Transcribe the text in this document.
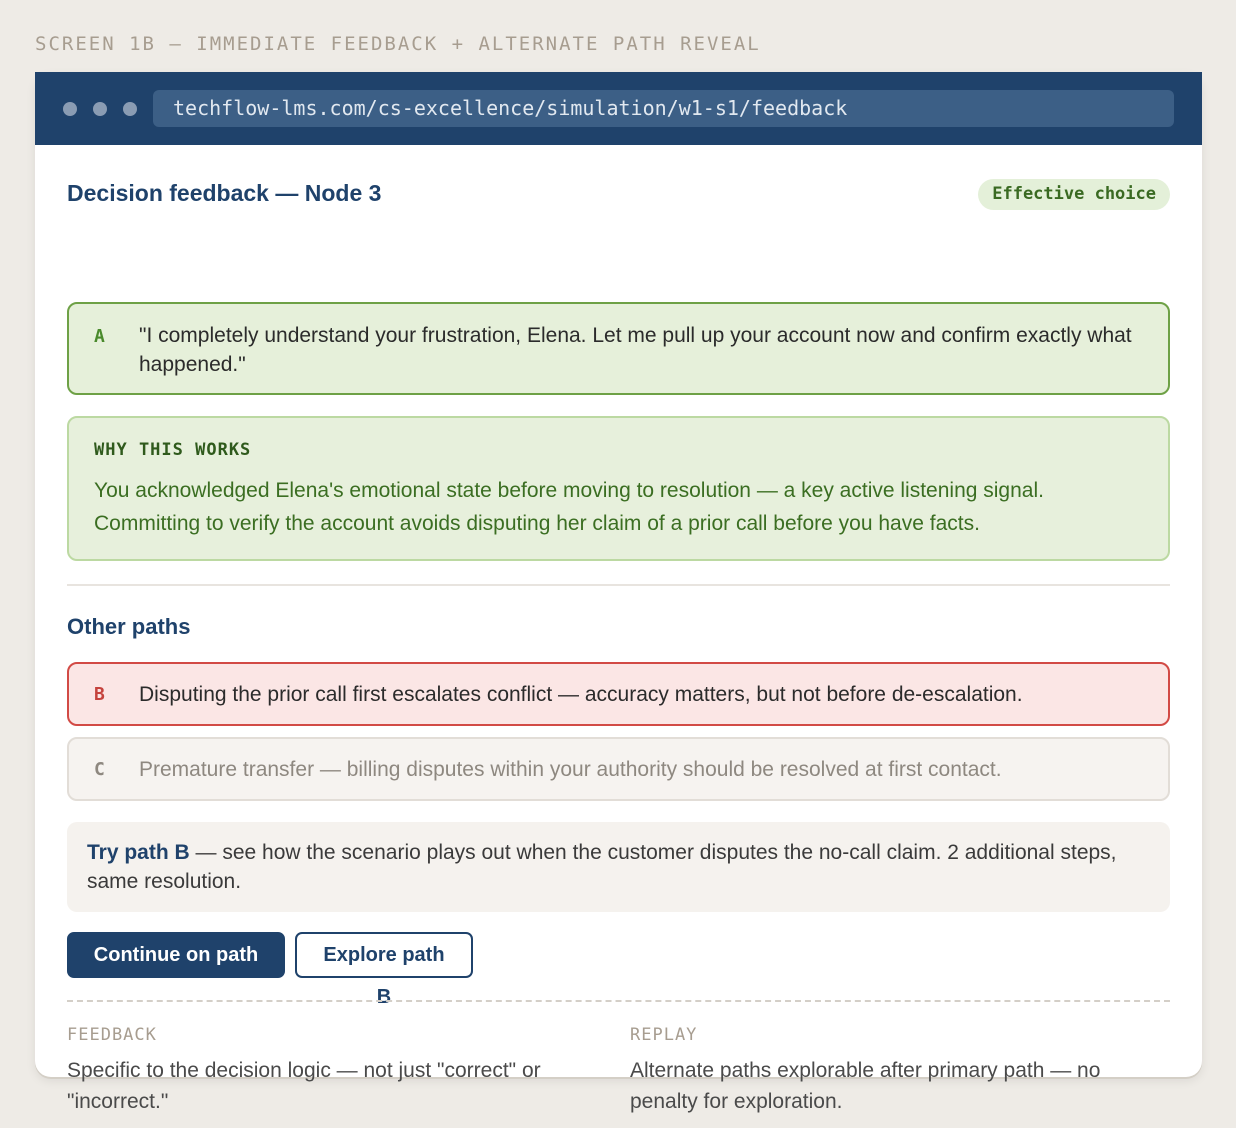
SCREEN 1B — IMMEDIATE FEEDBACK + ALTERNATE PATH REVEAL
techflow-lms.com/cs-excellence/simulation/w1-s1/feedback
Decision feedback — Node 3	Effective choice
A "I completely understand your frustration, Elena. Let me pull up your account now and confirm exactly what happened."
WHY THIS WORKS
You acknowledged Elena's emotional state before moving to resolution — a key active listening signal. Committing to verify the account avoids disputing her claim of a prior call before you have facts.
Other paths
B Disputing the prior call first escalates conflict — accuracy matters, but not before de-escalation.
C Premature transfer — billing disputes within your authority should be resolved at first contact.
Try path B — see how the scenario plays out when the customer disputes the no-call claim. 2 additional steps, same resolution.
Continue on path A
Explore path B
FEEDBACK
Specific to the decision logic — not just "correct" or "incorrect."
REPLAY
Alternate paths explorable after primary path — no penalty for exploration.
